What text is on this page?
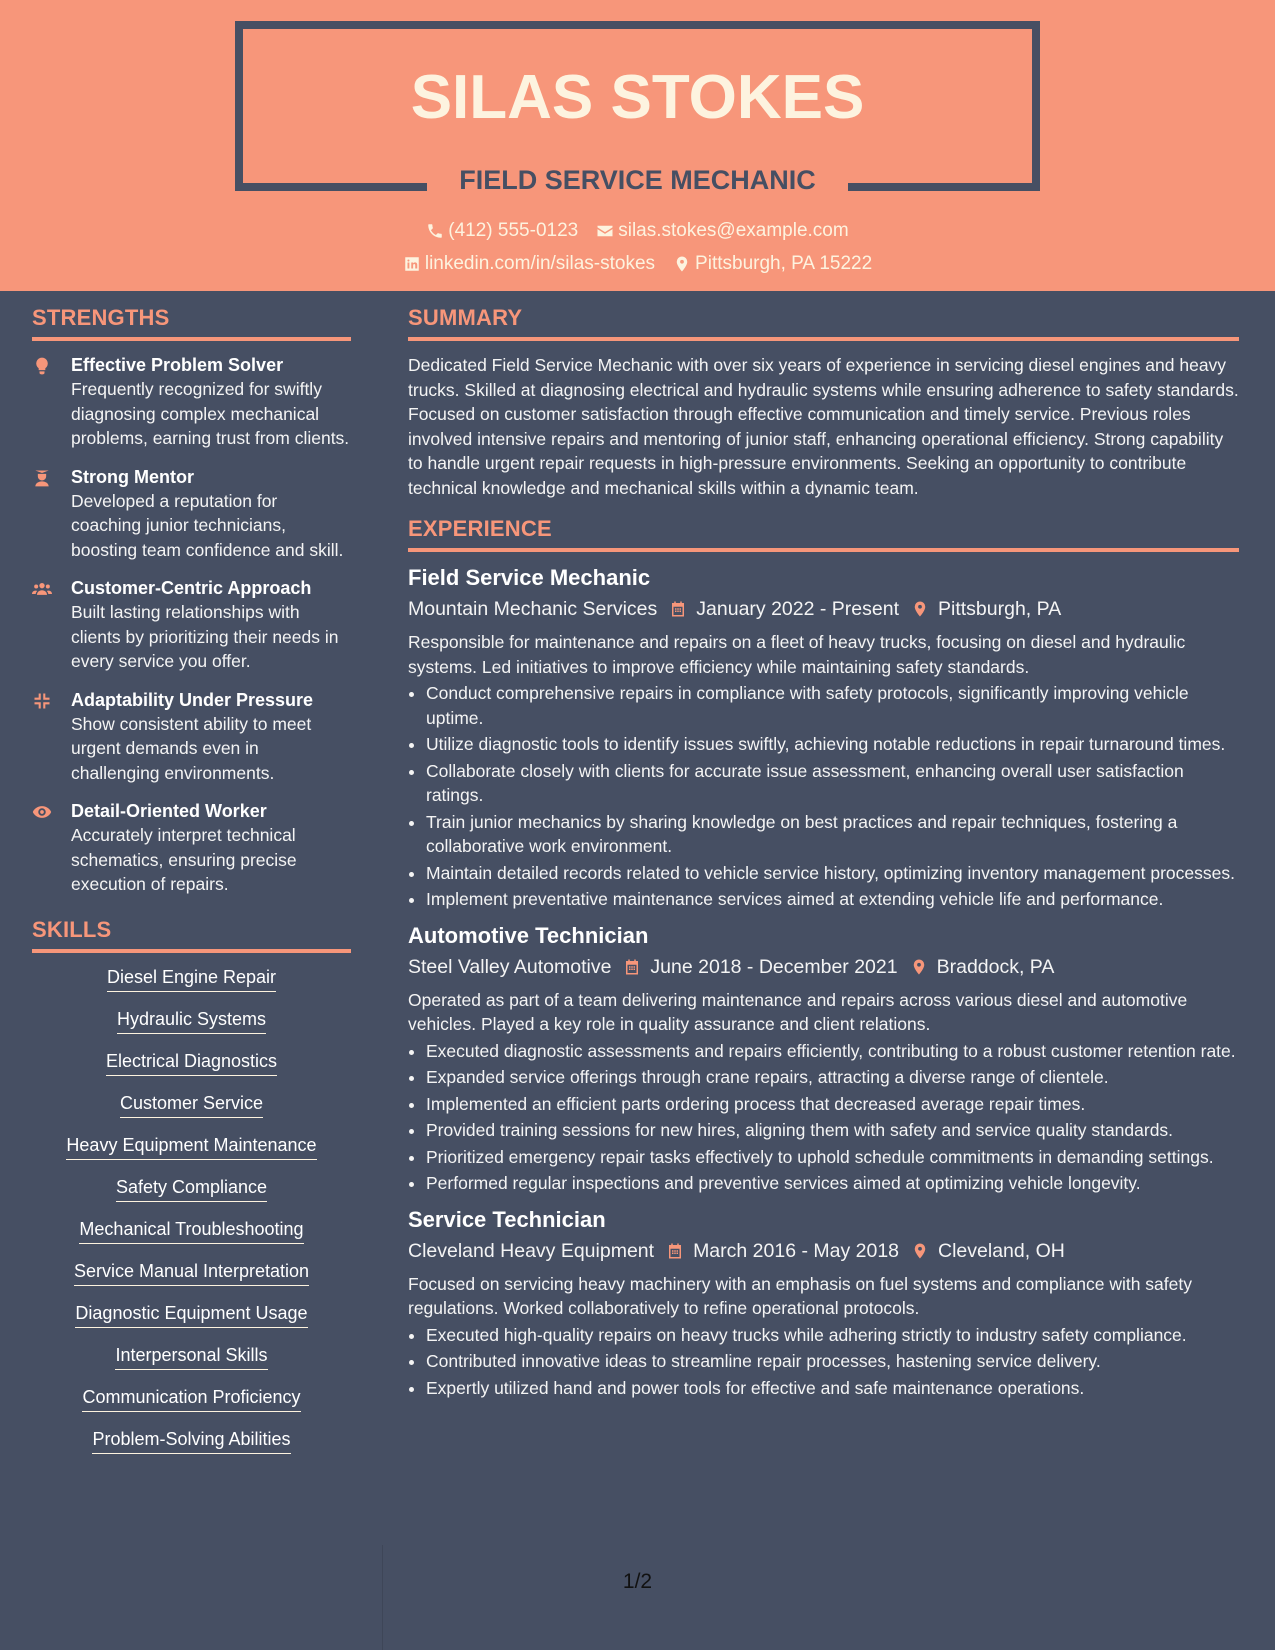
SILAS STOKES
FIELD SERVICE MECHANIC
(412) 555-0123 silas.stokes@example.com
linkedin.com/in/silas-stokes Pittsburgh, PA 15222
STRENGTHS
Effective Problem Solver
Frequently recognized for swiftly diagnosing complex mechanical problems, earning trust from clients.
Strong Mentor
Developed a reputation for coaching junior technicians, boosting team confidence and skill.
Customer-Centric Approach
Built lasting relationships with clients by prioritizing their needs in every service you offer.
Adaptability Under Pressure
Show consistent ability to meet urgent demands even in challenging environments.
Detail-Oriented Worker
Accurately interpret technical schematics, ensuring precise execution of repairs.
SKILLS
Diesel Engine Repair
Hydraulic Systems
Electrical Diagnostics
Customer Service
Heavy Equipment Maintenance
Safety Compliance
Mechanical Troubleshooting
Service Manual Interpretation
Diagnostic Equipment Usage
Interpersonal Skills
Communication Proficiency
Problem-Solving Abilities
SUMMARY
Dedicated Field Service Mechanic with over six years of experience in servicing diesel engines and heavy trucks. Skilled at diagnosing electrical and hydraulic systems while ensuring adherence to safety standards. Focused on customer satisfaction through effective communication and timely service. Previous roles involved intensive repairs and mentoring of junior staff, enhancing operational efficiency. Strong capability to handle urgent repair requests in high-pressure environments. Seeking an opportunity to contribute technical knowledge and mechanical skills within a dynamic team.
EXPERIENCE
Field Service Mechanic
Mountain Mechanic Services January 2022 - Present Pittsburgh, PA
Responsible for maintenance and repairs on a fleet of heavy trucks, focusing on diesel and hydraulic systems. Led initiatives to improve efficiency while maintaining safety standards.
• Conduct comprehensive repairs in compliance with safety protocols, significantly improving vehicle uptime.
• Utilize diagnostic tools to identify issues swiftly, achieving notable reductions in repair turnaround times.
• Collaborate closely with clients for accurate issue assessment, enhancing overall user satisfaction ratings.
• Train junior mechanics by sharing knowledge on best practices and repair techniques, fostering a collaborative work environment.
• Maintain detailed records related to vehicle service history, optimizing inventory management processes.
• Implement preventative maintenance services aimed at extending vehicle life and performance.
Automotive Technician
Steel Valley Automotive June 2018 - December 2021 Braddock, PA
Operated as part of a team delivering maintenance and repairs across various diesel and automotive vehicles. Played a key role in quality assurance and client relations.
• Executed diagnostic assessments and repairs efficiently, contributing to a robust customer retention rate.
• Expanded service offerings through crane repairs, attracting a diverse range of clientele.
• Implemented an efficient parts ordering process that decreased average repair times.
• Provided training sessions for new hires, aligning them with safety and service quality standards.
• Prioritized emergency repair tasks effectively to uphold schedule commitments in demanding settings.
• Performed regular inspections and preventive services aimed at optimizing vehicle longevity.
Service Technician
Cleveland Heavy Equipment March 2016 - May 2018 Cleveland, OH
Focused on servicing heavy machinery with an emphasis on fuel systems and compliance with safety regulations. Worked collaboratively to refine operational protocols.
• Executed high-quality repairs on heavy trucks while adhering strictly to industry safety compliance.
• Contributed innovative ideas to streamline repair processes, hastening service delivery.
• Expertly utilized hand and power tools for effective and safe maintenance operations.
1/2
